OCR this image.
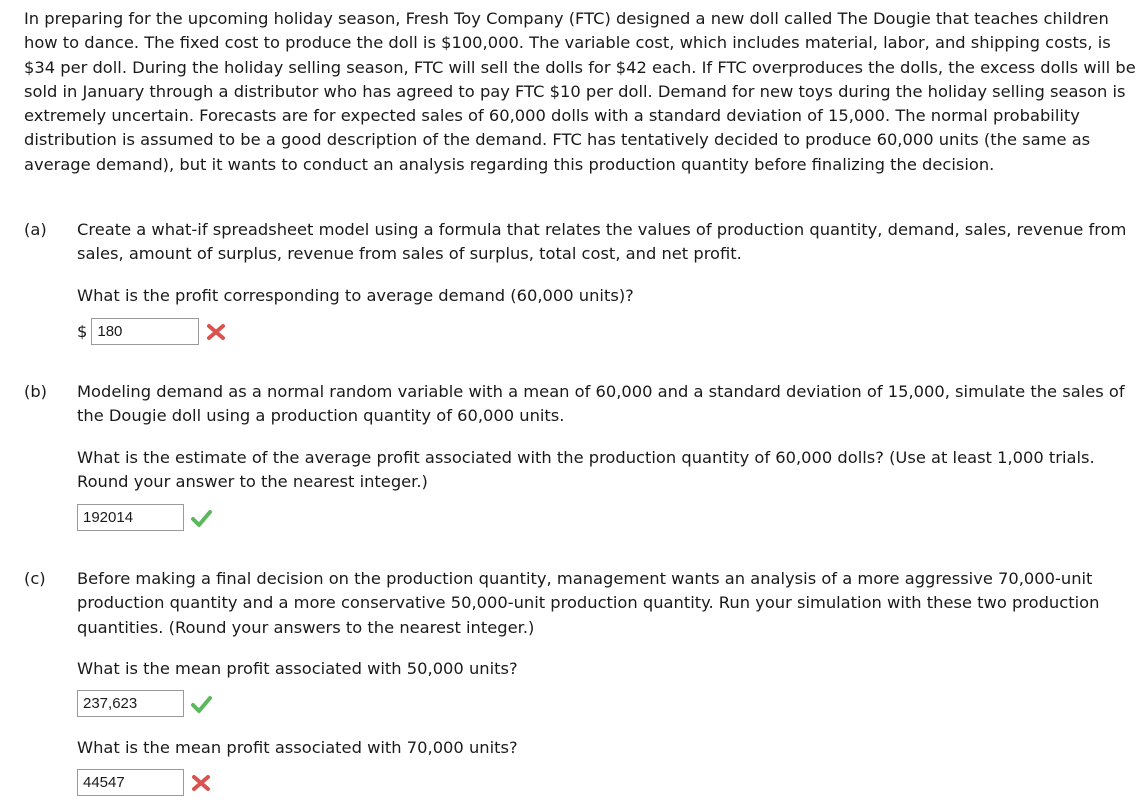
In preparing for the upcoming holiday season, Fresh Toy Company (FTC) designed a new doll called The Dougie that teaches children how to dance. The fixed cost to produce the doll is $100,000. The variable cost, which includes material, labor, and shipping costs, is $34 per doll. During the holiday selling season, FTC will sell the dolls for $42 each. If FTC overproduces the dolls, the excess dolls will be sold in January through a distributor who has agreed to pay FTC $10 per doll. Demand for new toys during the holiday selling season is extremely uncertain. Forecasts are for expected sales of 60,000 dolls with a standard deviation of 15,000. The normal probability distribution is assumed to be a good description of the demand. FTC has tentatively decided to produce 60,000 units (the same as average demand), but it wants to conduct an analysis regarding this production quantity before finalizing the decision.

(a)	Create a what-if spreadsheet model using a formula that relates the values of production quantity, demand, sales, revenue from sales, amount of surplus, revenue from sales of surplus, total cost, and net profit.

What is the profit corresponding to average demand (60,000 units)?

$ 180
(b)	Modeling demand as a normal random variable with a mean of 60,000 and a standard deviation of 15,000, simulate the sales of the Dougie doll using a production quantity of 60,000 units.

What is the estimate of the average profit associated with the production quantity of 60,000 dolls? (Use at least 1,000 trials. Round your answer to the nearest integer.)

192014
(c)	Before making a final decision on the production quantity, management wants an analysis of a more aggressive 70,000-unit production quantity and a more conservative 50,000-unit production quantity. Run your simulation with these two production quantities. (Round your answers to the nearest integer.)

What is the mean profit associated with 50,000 units?

237,623

What is the mean profit associated with 70,000 units?

44547
